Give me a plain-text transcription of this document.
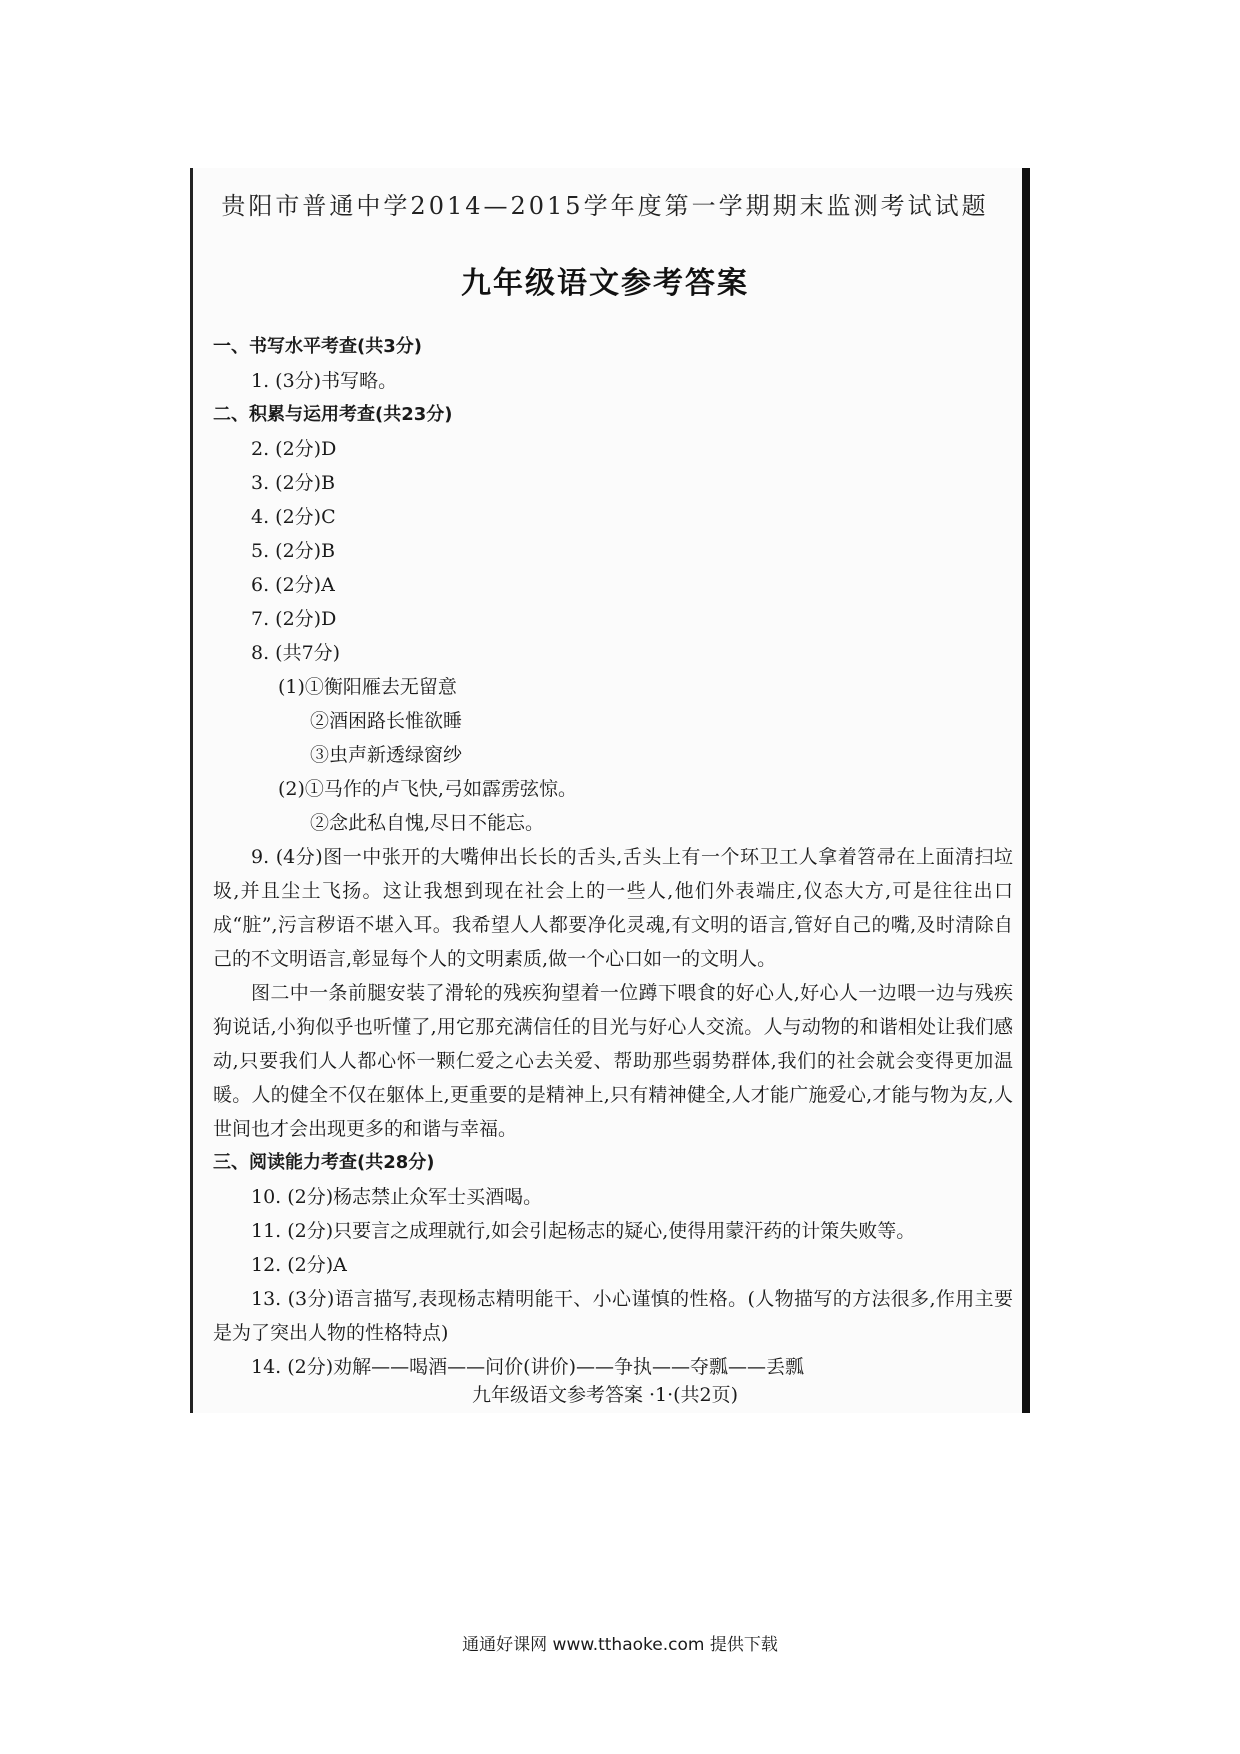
贵阳市普通中学2014—2015学年度第一学期期末监测考试试题
九年级语文参考答案
一、书写水平考查(共3分)
1. (3分)书写略。
二、积累与运用考查(共23分)
2. (2分)D
3. (2分)B
4. (2分)C
5. (2分)B
6. (2分)A
7. (2分)D
8. (共7分)
(1)①衡阳雁去无留意
②酒困路长惟欲睡
③虫声新透绿窗纱
(2)①马作的卢飞快,弓如霹雳弦惊。
②念此私自愧,尽日不能忘。
9. (4分)图一中张开的大嘴伸出长长的舌头,舌头上有一个环卫工人拿着笤帚在上面清扫垃圾,并且尘土飞扬。这让我想到现在社会上的一些人,他们外表端庄,仪态大方,可是往往出口成“脏”,污言秽语不堪入耳。我希望人人都要净化灵魂,有文明的语言,管好自己的嘴,及时清除自己的不文明语言,彰显每个人的文明素质,做一个心口如一的文明人。
图二中一条前腿安装了滑轮的残疾狗望着一位蹲下喂食的好心人,好心人一边喂一边与残疾狗说话,小狗似乎也听懂了,用它那充满信任的目光与好心人交流。人与动物的和谐相处让我们感动,只要我们人人都心怀一颗仁爱之心去关爱、帮助那些弱势群体,我们的社会就会变得更加温暖。人的健全不仅在躯体上,更重要的是精神上,只有精神健全,人才能广施爱心,才能与物为友,人世间也才会出现更多的和谐与幸福。
三、阅读能力考查(共28分)
10. (2分)杨志禁止众军士买酒喝。
11. (2分)只要言之成理就行,如会引起杨志的疑心,使得用蒙汗药的计策失败等。
12. (2分)A
13. (3分)语言描写,表现杨志精明能干、小心谨慎的性格。(人物描写的方法很多,作用主要是为了突出人物的性格特点)
14. (2分)劝解——喝酒——问价(讲价)——争执——夺瓢——丢瓢
九年级语文参考答案 ·1·(共2页)
通通好课网 www.tthaoke.com 提供下载
